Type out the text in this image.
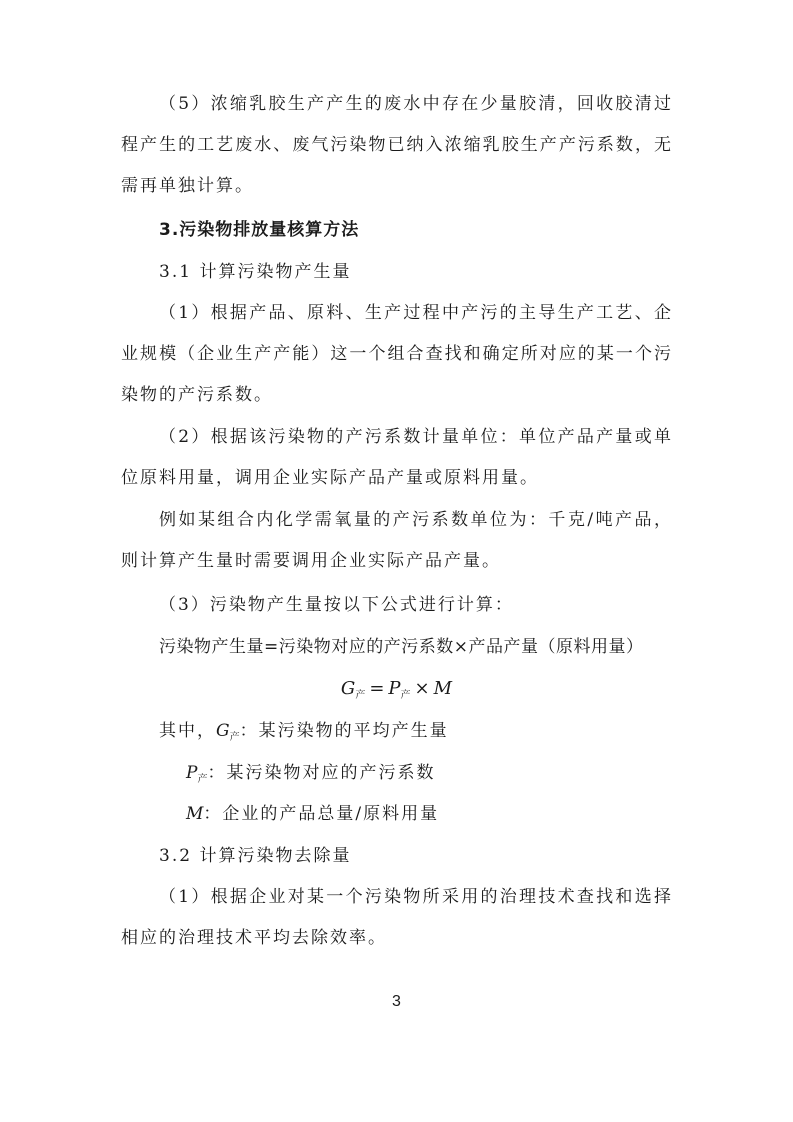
（5）浓缩乳胶生产产生的废水中存在少量胶清，回收胶清过程产生的工艺废水、废气污染物已纳入浓缩乳胶生产产污系数，无需再单独计算。

3.污染物排放量核算方法

3.1 计算污染物产生量

（1）根据产品、原料、生产过程中产污的主导生产工艺、企业规模（企业生产产能）这一个组合查找和确定所对应的某一个污染物的产污系数。

（2）根据该污染物的产污系数计量单位：单位产品产量或单位原料用量，调用企业实际产品产量或原料用量。

例如某组合内化学需氧量的产污系数单位为：千克/吨产品，则计算产生量时需要调用企业实际产品产量。

（3）污染物产生量按以下公式进行计算：

污染物产生量=污染物对应的产污系数×产品产量（原料用量）

$G_产 = P_产 \times M$

其中，$G_产$：某污染物的平均产生量

$P_产$：某污染物对应的产污系数

M：企业的产品总量/原料用量

3.2 计算污染物去除量

（1）根据企业对某一个污染物所采用的治理技术查找和选择相应的治理技术平均去除效率。

3
